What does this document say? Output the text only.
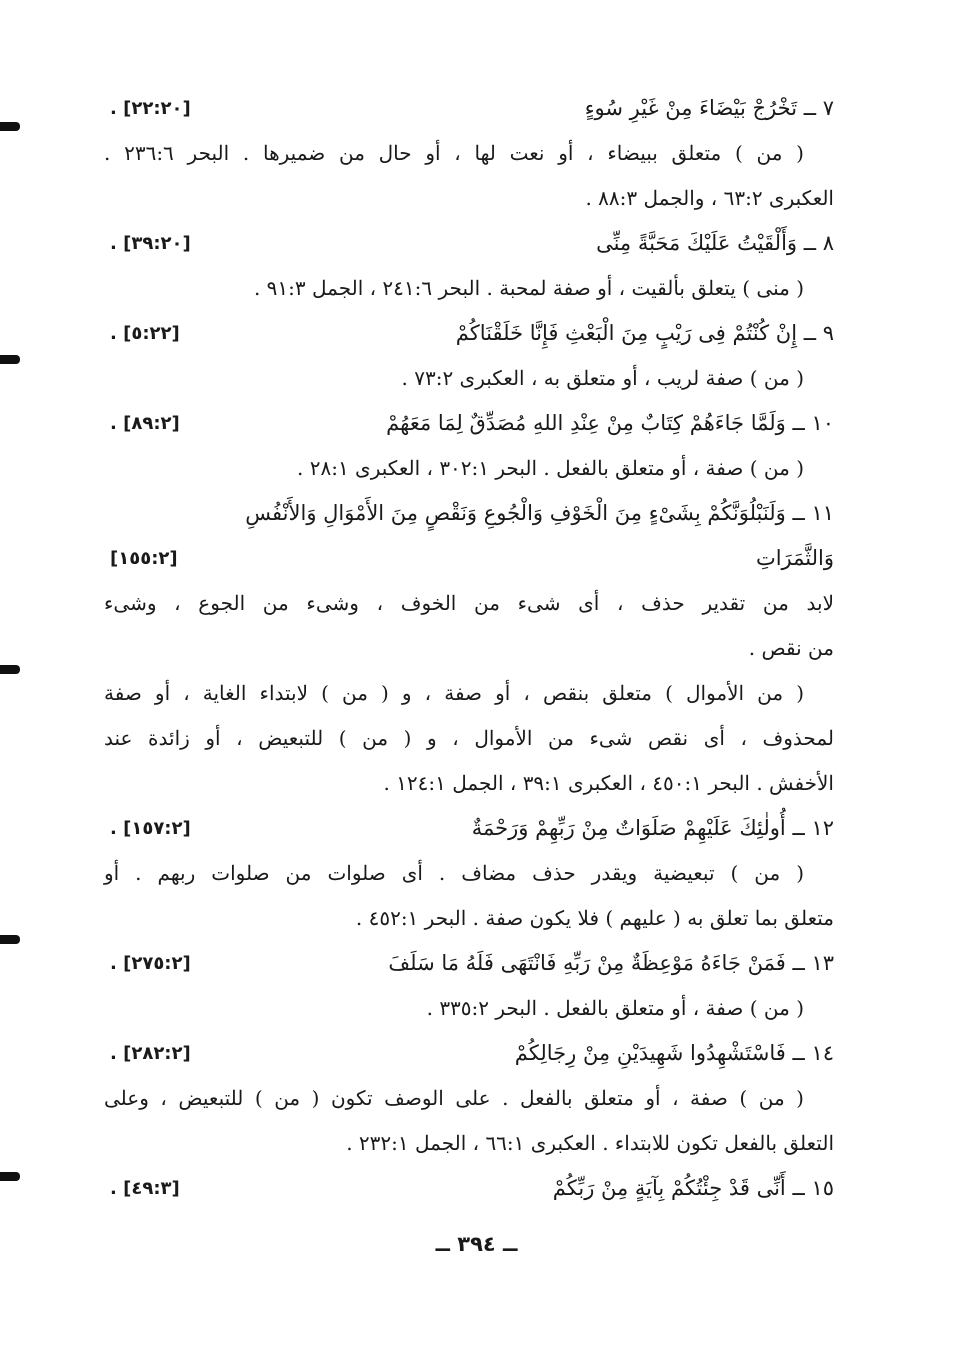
٧ ــ تَخْرُجْ بَيْضَاءَ مِنْ غَيْرِ سُوءٍ
[٢٢:٢٠] .
( من ) متعلق ببيضاء ، أو نعت لها ، أو حال من ضميرها . البحر ٢٣٦:٦ .
العكبرى ٦٣:٢ ، والجمل ٨٨:٣ .
٨ ــ وَأَلْقَيْتُ عَلَيْكَ مَحَبَّةً مِنِّى
[٣٩:٢٠] .
( منى ) يتعلق بألقيت ، أو صفة لمحبة . البحر ٢٤١:٦ ، الجمل ٩١:٣ .
٩ ــ إِنْ كُنْتُمْ فِى رَيْبٍ مِنَ الْبَعْثِ فَإِنَّا خَلَقْنَاكُمْ
[٥:٢٢] .
( من ) صفة لريب ، أو متعلق به ، العكبرى ٧٣:٢ .
١٠ ــ وَلَمَّا جَاءَهُمْ كِتَابٌ مِنْ عِنْدِ اللهِ مُصَدِّقٌ لِمَا مَعَهُمْ
[٨٩:٢] .
( من ) صفة ، أو متعلق بالفعل . البحر ٣٠٢:١ ، العكبرى ٢٨:١ .
١١ ــ وَلَنَبْلُوَنَّكُمْ بِشَىْءٍ مِنَ الْخَوْفِ وَالْجُوعِ وَنَقْصٍ مِنَ الأَمْوَالِ وَالأَنْفُسِ
وَالثَّمَرَاتِ
[١٥٥:٢]
لابد من تقدير حذف ، أى شىء من الخوف ، وشىء من الجوع ، وشىء
من نقص .
( من الأموال ) متعلق بنقص ، أو صفة ، و ( من ) لابتداء الغاية ، أو صفة
لمحذوف ، أى نقص شىء من الأموال ، و ( من ) للتبعيض ، أو زائدة عند
الأخفش . البحر ٤٥٠:١ ، العكبرى ٣٩:١ ، الجمل ١٢٤:١ .
١٢ ــ أُولٰئِكَ عَلَيْهِمْ صَلَوَاتٌ مِنْ رَبِّهِمْ وَرَحْمَةٌ
[١٥٧:٢] .
( من ) تبعيضية ويقدر حذف مضاف . أى صلوات من صلوات ربهم . أو
متعلق بما تعلق به ( عليهم ) فلا يكون صفة . البحر ٤٥٢:١ .
١٣ ــ فَمَنْ جَاءَهُ مَوْعِظَةٌ مِنْ رَبِّهِ فَانْتَهَى فَلَهُ مَا سَلَفَ
[٢٧٥:٢] .
( من ) صفة ، أو متعلق بالفعل . البحر ٣٣٥:٢ .
١٤ ــ فَاسْتَشْهِدُوا شَهِيدَيْنِ مِنْ رِجَالِكُمْ
[٢٨٢:٢] .
( من ) صفة ، أو متعلق بالفعل . على الوصف تكون ( من ) للتبعيض ، وعلى
التعلق بالفعل تكون للابتداء . العكبرى ٦٦:١ ، الجمل ٢٣٢:١ .
١٥ ــ أَنِّى قَدْ جِئْتُكُمْ بِآيَةٍ مِنْ رَبِّكُمْ
[٤٩:٣] .
ــ ٣٩٤ ــ
